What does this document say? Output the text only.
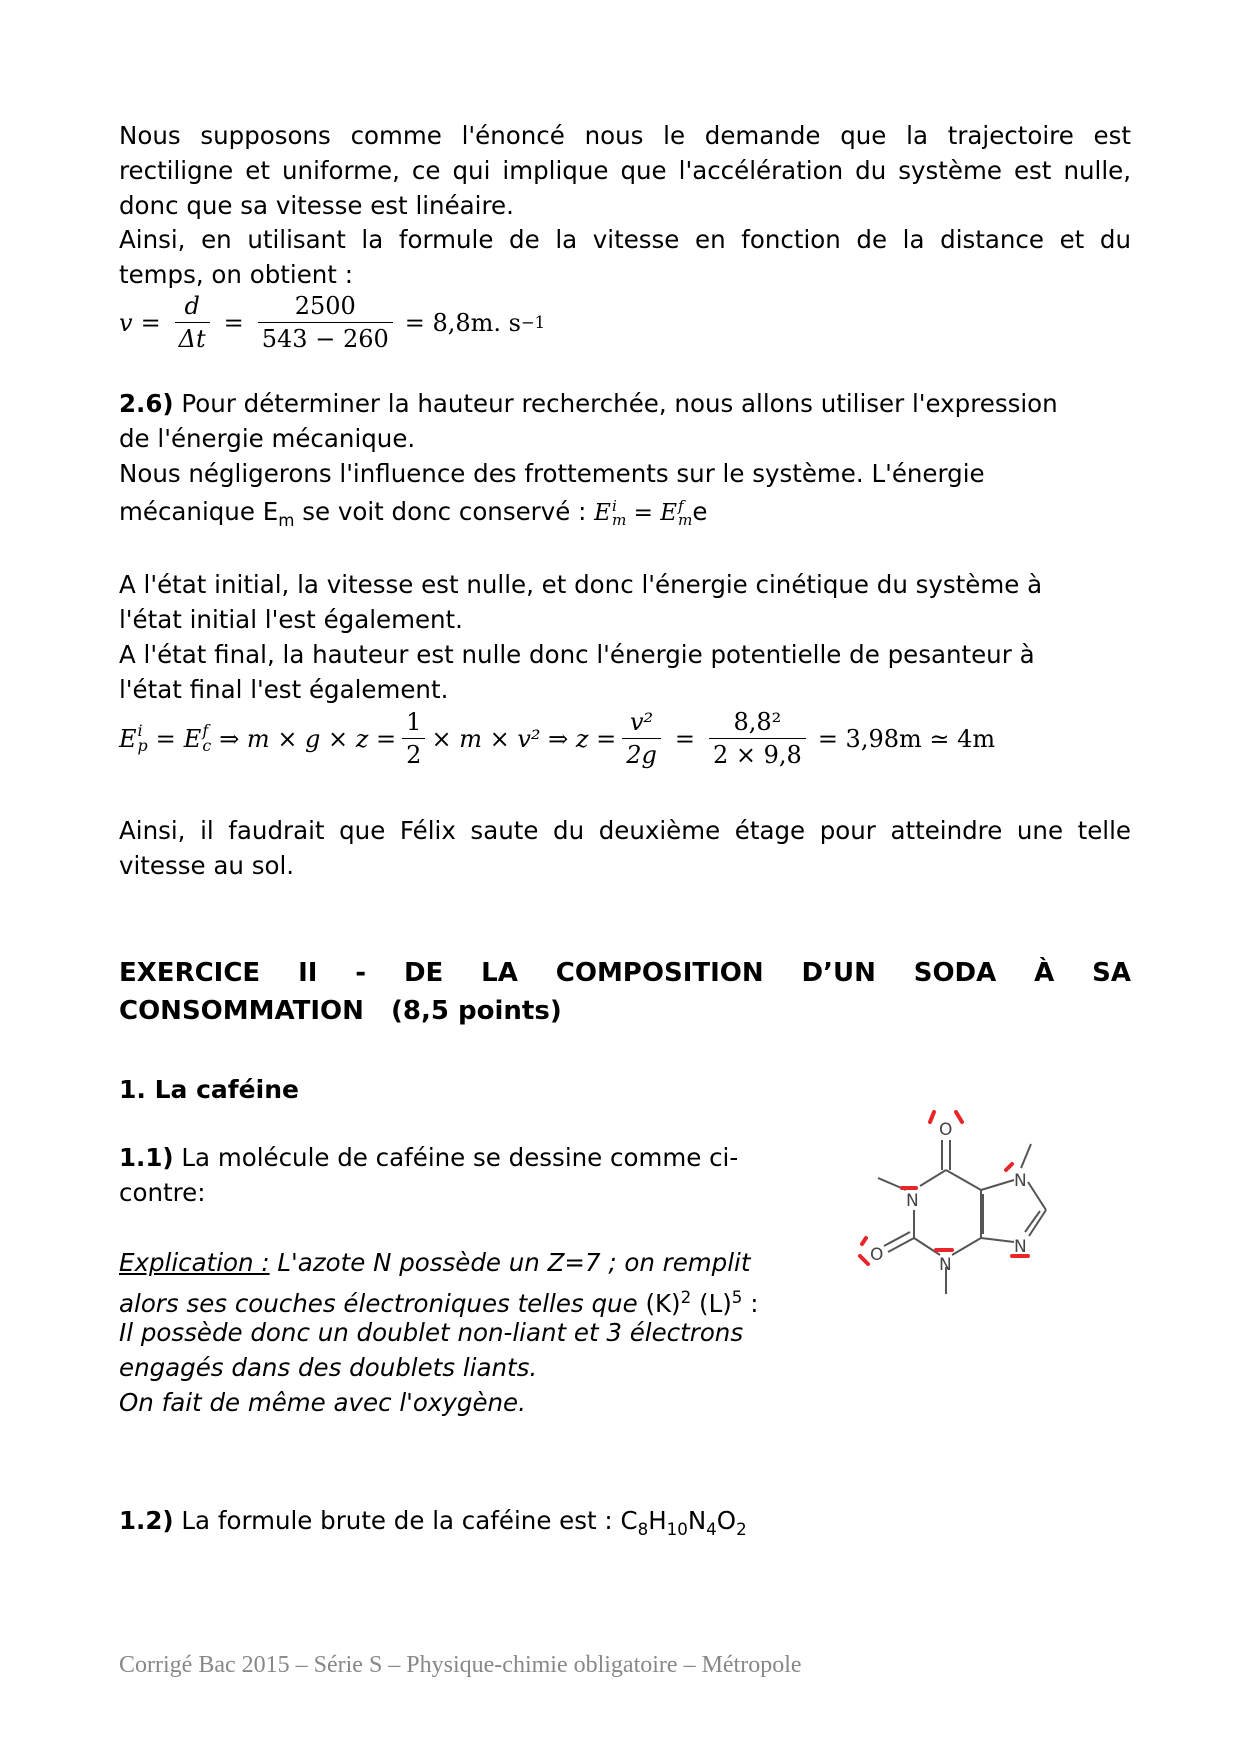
Nous supposons comme l'énoncé nous le demande que la trajectoire est rectiligne et uniforme, ce qui implique que l'accélération du système est nulle,

donc que sa vitesse est linéaire.

Ainsi, en utilisant la formule de la vitesse en fonction de la distance et du

temps, on obtient :

$v = \frac{d}{\Delta t} = \frac{2500}{543 - 260} = 8,8m$. s −1

2.6) Pour déterminer la hauteur recherchée, nous allons utiliser l'expression

de l'énergie mécanique.

Nous négligerons l'influence des frottements sur le système. L'énergie

mécanique $E_m$ se voit donc conservé : E i
m = E f
m e

A l'état initial, la vitesse est nulle, et donc l'énergie cinétique du système à

l'état initial l'est également.

A l'état final, la hauteur est nulle donc l'énergie potentielle de pesanteur à

l'état final l'est également.

E i
p = E f
c ⇒ $m \times g \times z = \frac{1}{2} \times m \times v^2$ ⇒ $z = \frac{\text{v²}}{2g} = \frac{\text{8,8²}}{2 \times 9,8} = 3,98m$ ≃ 4m

Ainsi, il faudrait que Félix saute du deuxième étage pour atteindre une telle

vitesse au sol.

EXERCICE II - DE LA COMPOSITION D’UN SODA À SA
CONSOMMATION   (8,5 points)
1. La caféine

1.1) La molécule de caféine se dessine comme ci-

contre:

Explication : L'azote N possède un Z=7 ; on remplit

alors ses couches électroniques telles que $(K)^2$ $(L)^5$ :

Il possède donc un doublet non-liant et 3 électrons

engagés dans des doublets liants.

On fait de même avec l'oxygène.

O
N
N
O	N
N

1.2) La formule brute de la caféine est : $C_8H_{10}N_4O_2$

Corrigé Bac 2015 – Série S – Physique-chimie obligatoire – Métropole
